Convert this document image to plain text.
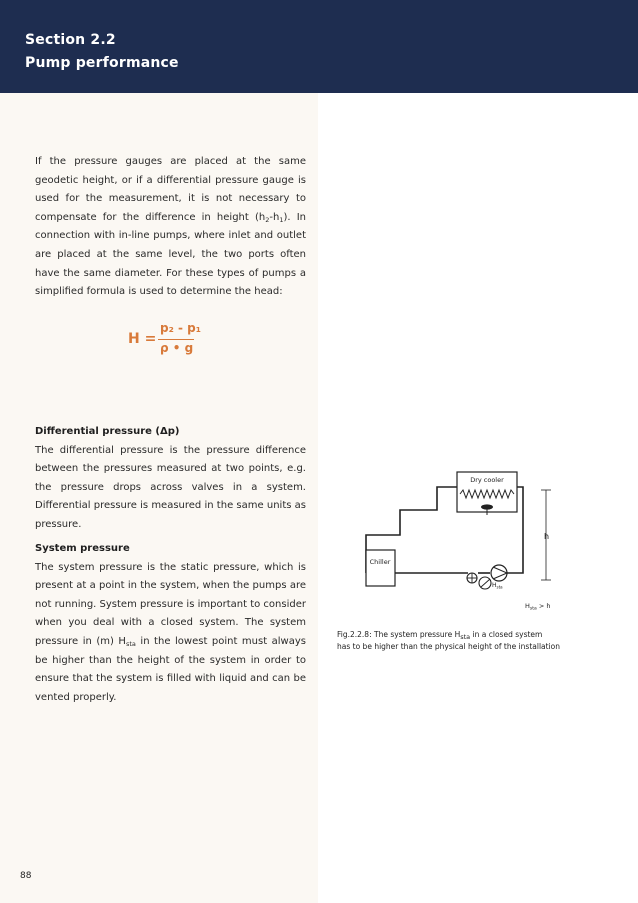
Section 2.2
Pump performance
If the pressure gauges are placed at the same geodetic height, or if a differential pressure gauge is used for the measurement, it is not necessary to compensate for the difference in height $(h_2-h_1)$. In connection with in-line pumps, where inlet and outlet are placed at the same level, the two ports often have the same diameter. For these types of pumps a simplified formula is used to determine the head:
H =
p₂ - p₁
ρ • g
Differential pressure (Δp)
The differential pressure is the pressure difference between the pressures measured at two points, e.g. the pressure drops across valves in a system. Differential pressure is measured in the same units as pressure.
System pressure
The system pressure is the static pressure, which is present at a point in the system, when the pumps are not running. System pressure is important to consider when you deal with a closed system. The system pressure in (m) $H_{sta}$ in the lowest point must always be higher than the height of the system in order to ensure that the system is filled with liquid and can be vented properly.
Dry cooler
Chiller
h
$H_{sta}$
$H_{sta} > h$
Fig.2.2.8: The system pressure $H_{sta}$ in a closed system
has to be higher than the physical height of the installation
88
